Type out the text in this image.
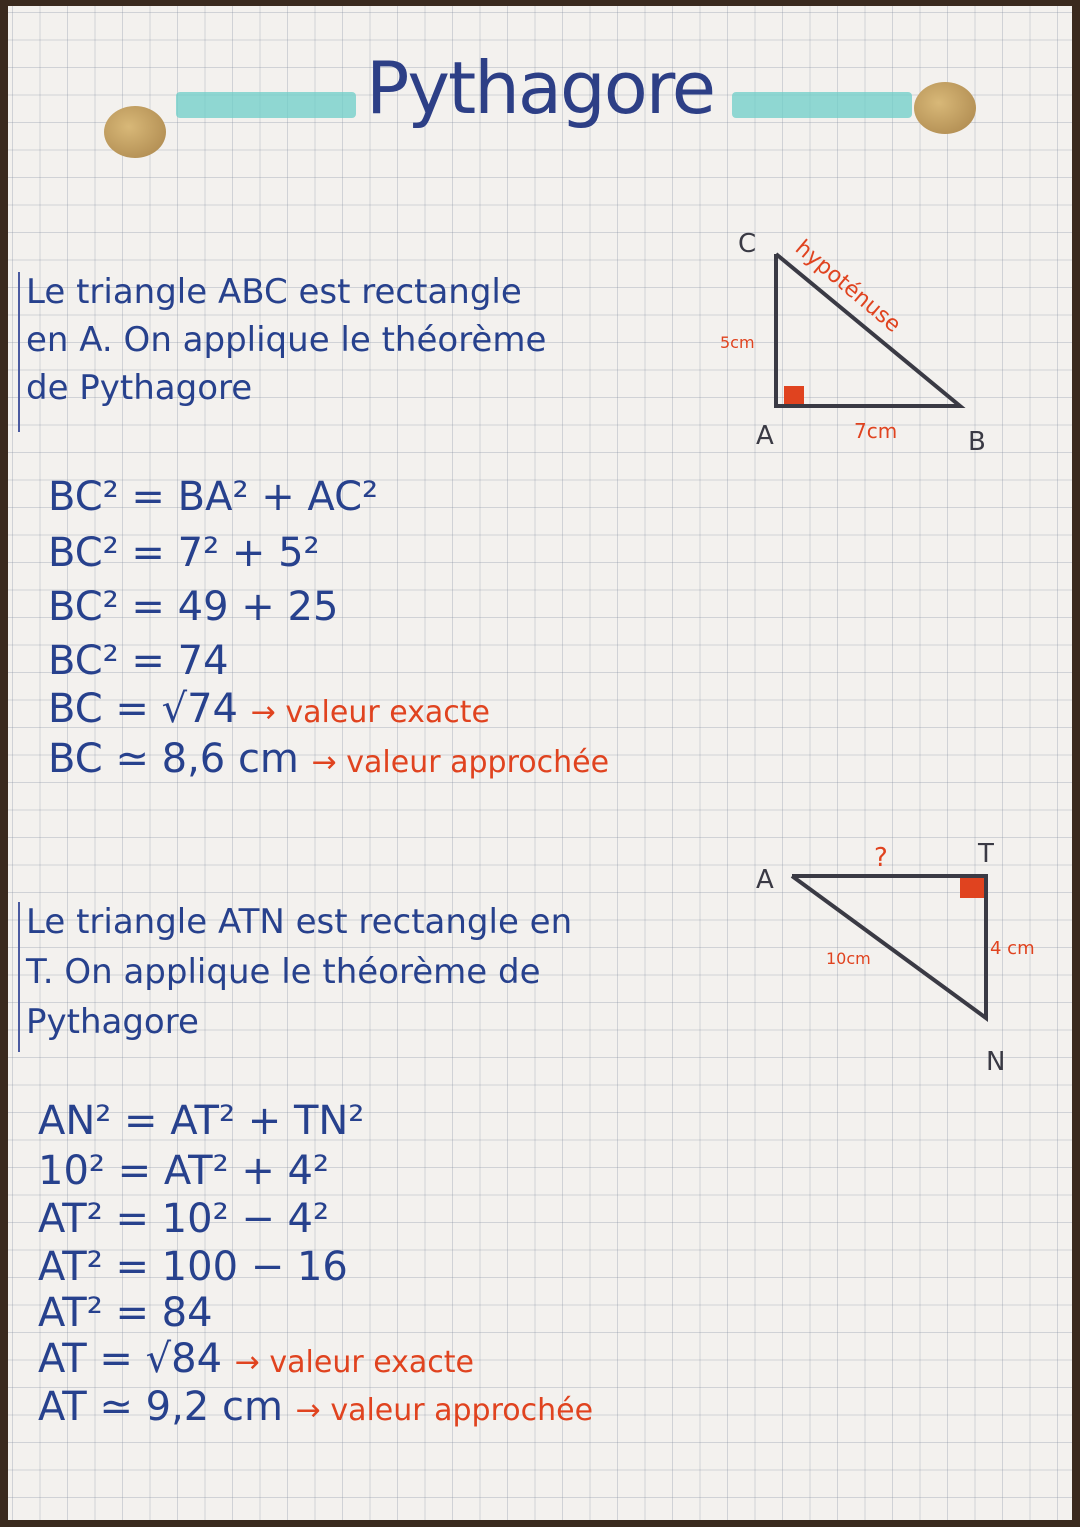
Pythagore
Le triangle ABC est rectangle
en A. On applique le théorème
de Pythagore
BC² = BA² + AC²
BC² = 7² + 5²
BC² = 49 + 25
BC² = 74
BC = √74 → valeur exacte
BC ≃ 8,6 cm → valeur approchée
Le triangle ATN est rectangle en
T. On applique le théorème de
Pythagore
AN² = AT² + TN²
10² = AT² + 4²
AT² = 10² − 4²
AT² = 100 − 16
AT² = 84
AT = √84 → valeur exacte
AT ≃ 9,2 cm → valeur approchée
C
A	B
5cm
7cm
hypoténuse
A
T
N
?
10cm	4 cm
